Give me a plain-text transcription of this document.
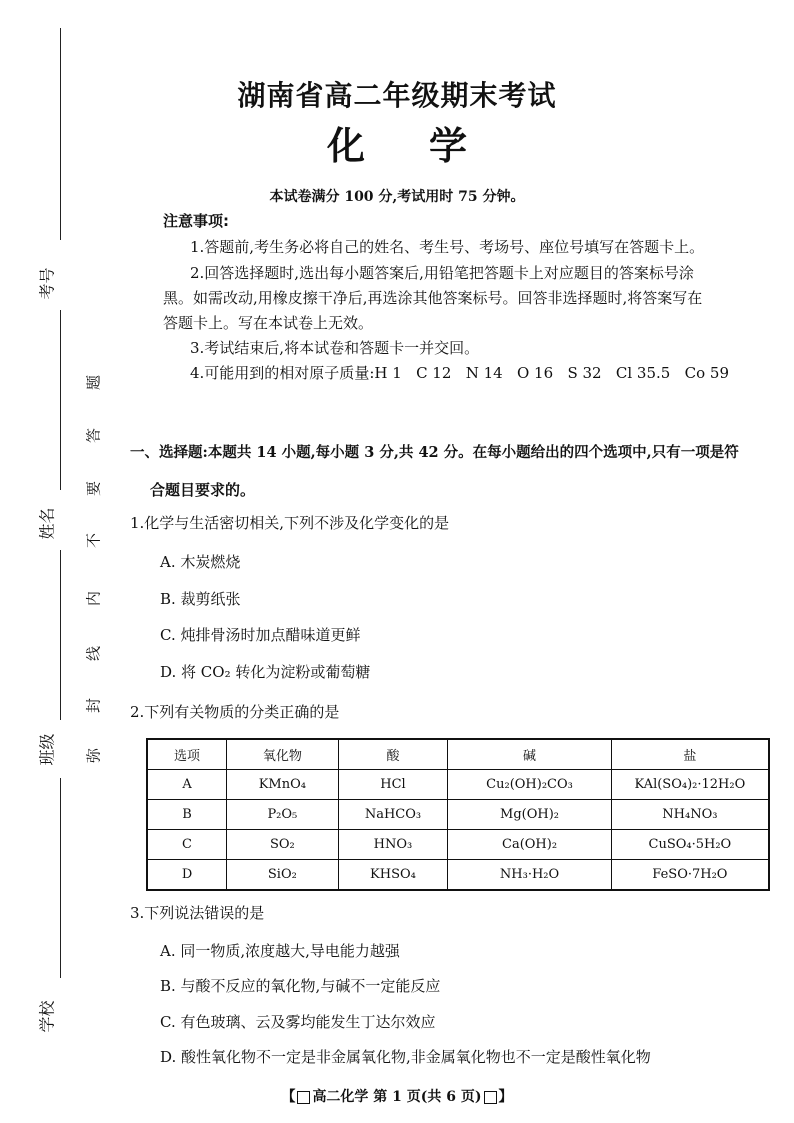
考号
姓名
班级
学校
题
答
要
不
内
线
封
弥
湖南省高二年级期末考试
化 学
本试卷满分 100 分,考试用时 75 分钟。
注意事项:
1.答题前,考生务必将自己的姓名、考生号、考场号、座位号填写在答题卡上。
2.回答选择题时,选出每小题答案后,用铅笔把答题卡上对应题目的答案标号涂
黑。如需改动,用橡皮擦干净后,再选涂其他答案标号。回答非选择题时,将答案写在
答题卡上。写在本试卷上无效。
3.考试结束后,将本试卷和答题卡一并交回。
4.可能用到的相对原子质量:H 1   C 12   N 14   O 16   S 32   Cl 35.5   Co 59
一、选择题:本题共 14 小题,每小题 3 分,共 42 分。在每小题给出的四个选项中,只有一项是符
合题目要求的。
1.化学与生活密切相关,下列不涉及化学变化的是
A. 木炭燃烧
B. 裁剪纸张
C. 炖排骨汤时加点醋味道更鲜
D. 将 CO₂ 转化为淀粉或葡萄糖
2.下列有关物质的分类正确的是
选项	氧化物	酸	碱	盐
A	KMnO₄	HCl	Cu₂(OH)₂CO₃	KAl(SO₄)₂·12H₂O
B	P₂O₅	NaHCO₃	Mg(OH)₂	NH₄NO₃
C	SO₂	HNO₃	Ca(OH)₂	CuSO₄·5H₂O
D	SiO₂	KHSO₄	NH₃·H₂O	FeSO·7H₂O
3.下列说法错误的是
A. 同一物质,浓度越大,导电能力越强
B. 与酸不反应的氧化物,与碱不一定能反应
C. 有色玻璃、云及雾均能发生丁达尔效应
D. 酸性氧化物不一定是非金属氧化物,非金属氧化物也不一定是酸性氧化物
【 高二化学 第 1 页(共 6 页) 】
